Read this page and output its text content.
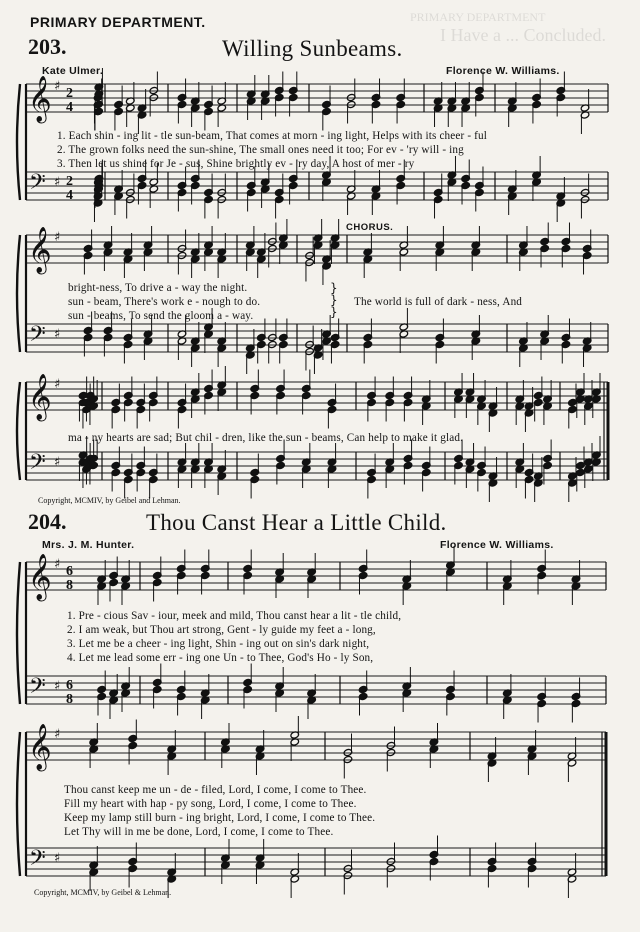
PRIMARY DEPARTMENT
I Have a ... Concluded.
𝄞
𝄢
♯
♯
2
4
2
4
𝄞
𝄢
♯
♯
𝄞
𝄢
♯
♯
𝄞
𝄢
♯
♯
6
8
6
8
𝄞
𝄢
♯
♯
PRIMARY DEPARTMENT.
203.	Willing Sunbeams.
Kate Ulmer.	Florence W. Williams.
1. Each shin - ing lit - tle sun-beam, That comes at morn - ing light, Helps with its cheer - ful
2. The grown folks need the sun-shine, The small ones need it too; For ev - 'ry will - ing
3. Then let us shine for Je - sus, Shine brightly ev - 'ry day, A host of mer - ry
CHORUS.
bright-ness, To drive a - way the night.
sun - beam, There's work e - nough to do.
sun - beams, To send the gloom a - way.
}
}
}
The world is full of dark - ness, And
ma - ny hearts are sad; But chil - dren, like the sun - beams, Can help to make it glad.
Copyright, MCMIV, by Geibel and Lehman.
204.	Thou Canst Hear a Little Child.
Mrs. J. M. Hunter.	Florence W. Williams.
1. Pre - cious Sav - iour, meek and mild, Thou canst hear a lit - tle child,
2. I am weak, but Thou art strong, Gent - ly guide my feet a - long,
3. Let me be a cheer - ing light, Shin - ing out on sin's dark night,
4. Let me lead some err - ing one Un - to Thee, God's Ho - ly Son,
Thou canst keep me un - de - filed, Lord, I come, I come to Thee.
Fill my heart with hap - py song, Lord, I come, I come to Thee.
Keep my lamp still burn - ing bright, Lord, I come, I come to Thee.
Let Thy will in me be done, Lord, I come, I come to Thee.
Copyright, MCMIV, by Geibel & Lehman.
